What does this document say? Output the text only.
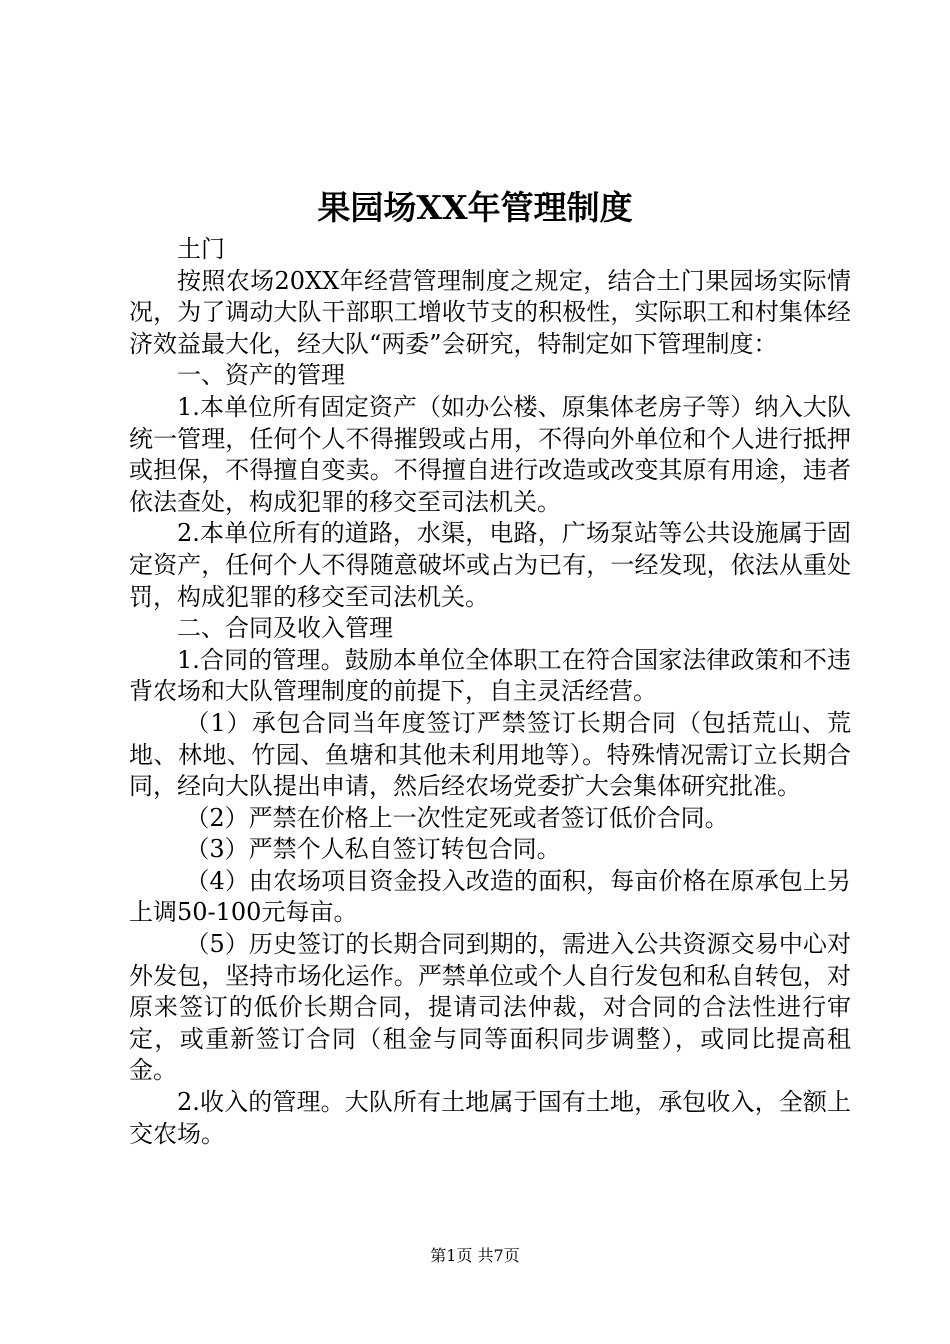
果园场XX年管理制度

土门

按照农场20XX年经营管理制度之规定，结合土门果园场实际情况，为了调动大队干部职工增收节支的积极性，实际职工和村集体经济效益最大化，经大队“两委”会研究，特制定如下管理制度：

一、资产的管理

1.本单位所有固定资产（如办公楼、原集体老房子等）纳入大队统一管理，任何个人不得摧毁或占用，不得向外单位和个人进行抵押或担保，不得擅自变卖。不得擅自进行改造或改变其原有用途，违者依法查处，构成犯罪的移交至司法机关。

2.本单位所有的道路，水渠，电路，广场泵站等公共设施属于固定资产，任何个人不得随意破坏或占为已有，一经发现，依法从重处罚，构成犯罪的移交至司法机关。

二、合同及收入管理

1.合同的管理。鼓励本单位全体职工在符合国家法律政策和不违背农场和大队管理制度的前提下，自主灵活经营。

（1）承包合同当年度签订严禁签订长期合同（包括荒山、荒地、林地、竹园、鱼塘和其他未利用地等）。特殊情况需订立长期合同，经向大队提出申请，然后经农场党委扩大会集体研究批准。

（2）严禁在价格上一次性定死或者签订低价合同。

（3）严禁个人私自签订转包合同。

（4）由农场项目资金投入改造的面积，每亩价格在原承包上另上调50-100元每亩。

（5）历史签订的长期合同到期的，需进入公共资源交易中心对外发包，坚持市场化运作。严禁单位或个人自行发包和私自转包，对原来签订的低价长期合同，提请司法仲裁，对合同的合法性进行审定，或重新签订合同（租金与同等面积同步调整），或同比提高租金。

2.收入的管理。大队所有土地属于国有土地，承包收入，全额上交农场。

第1页 共7页
